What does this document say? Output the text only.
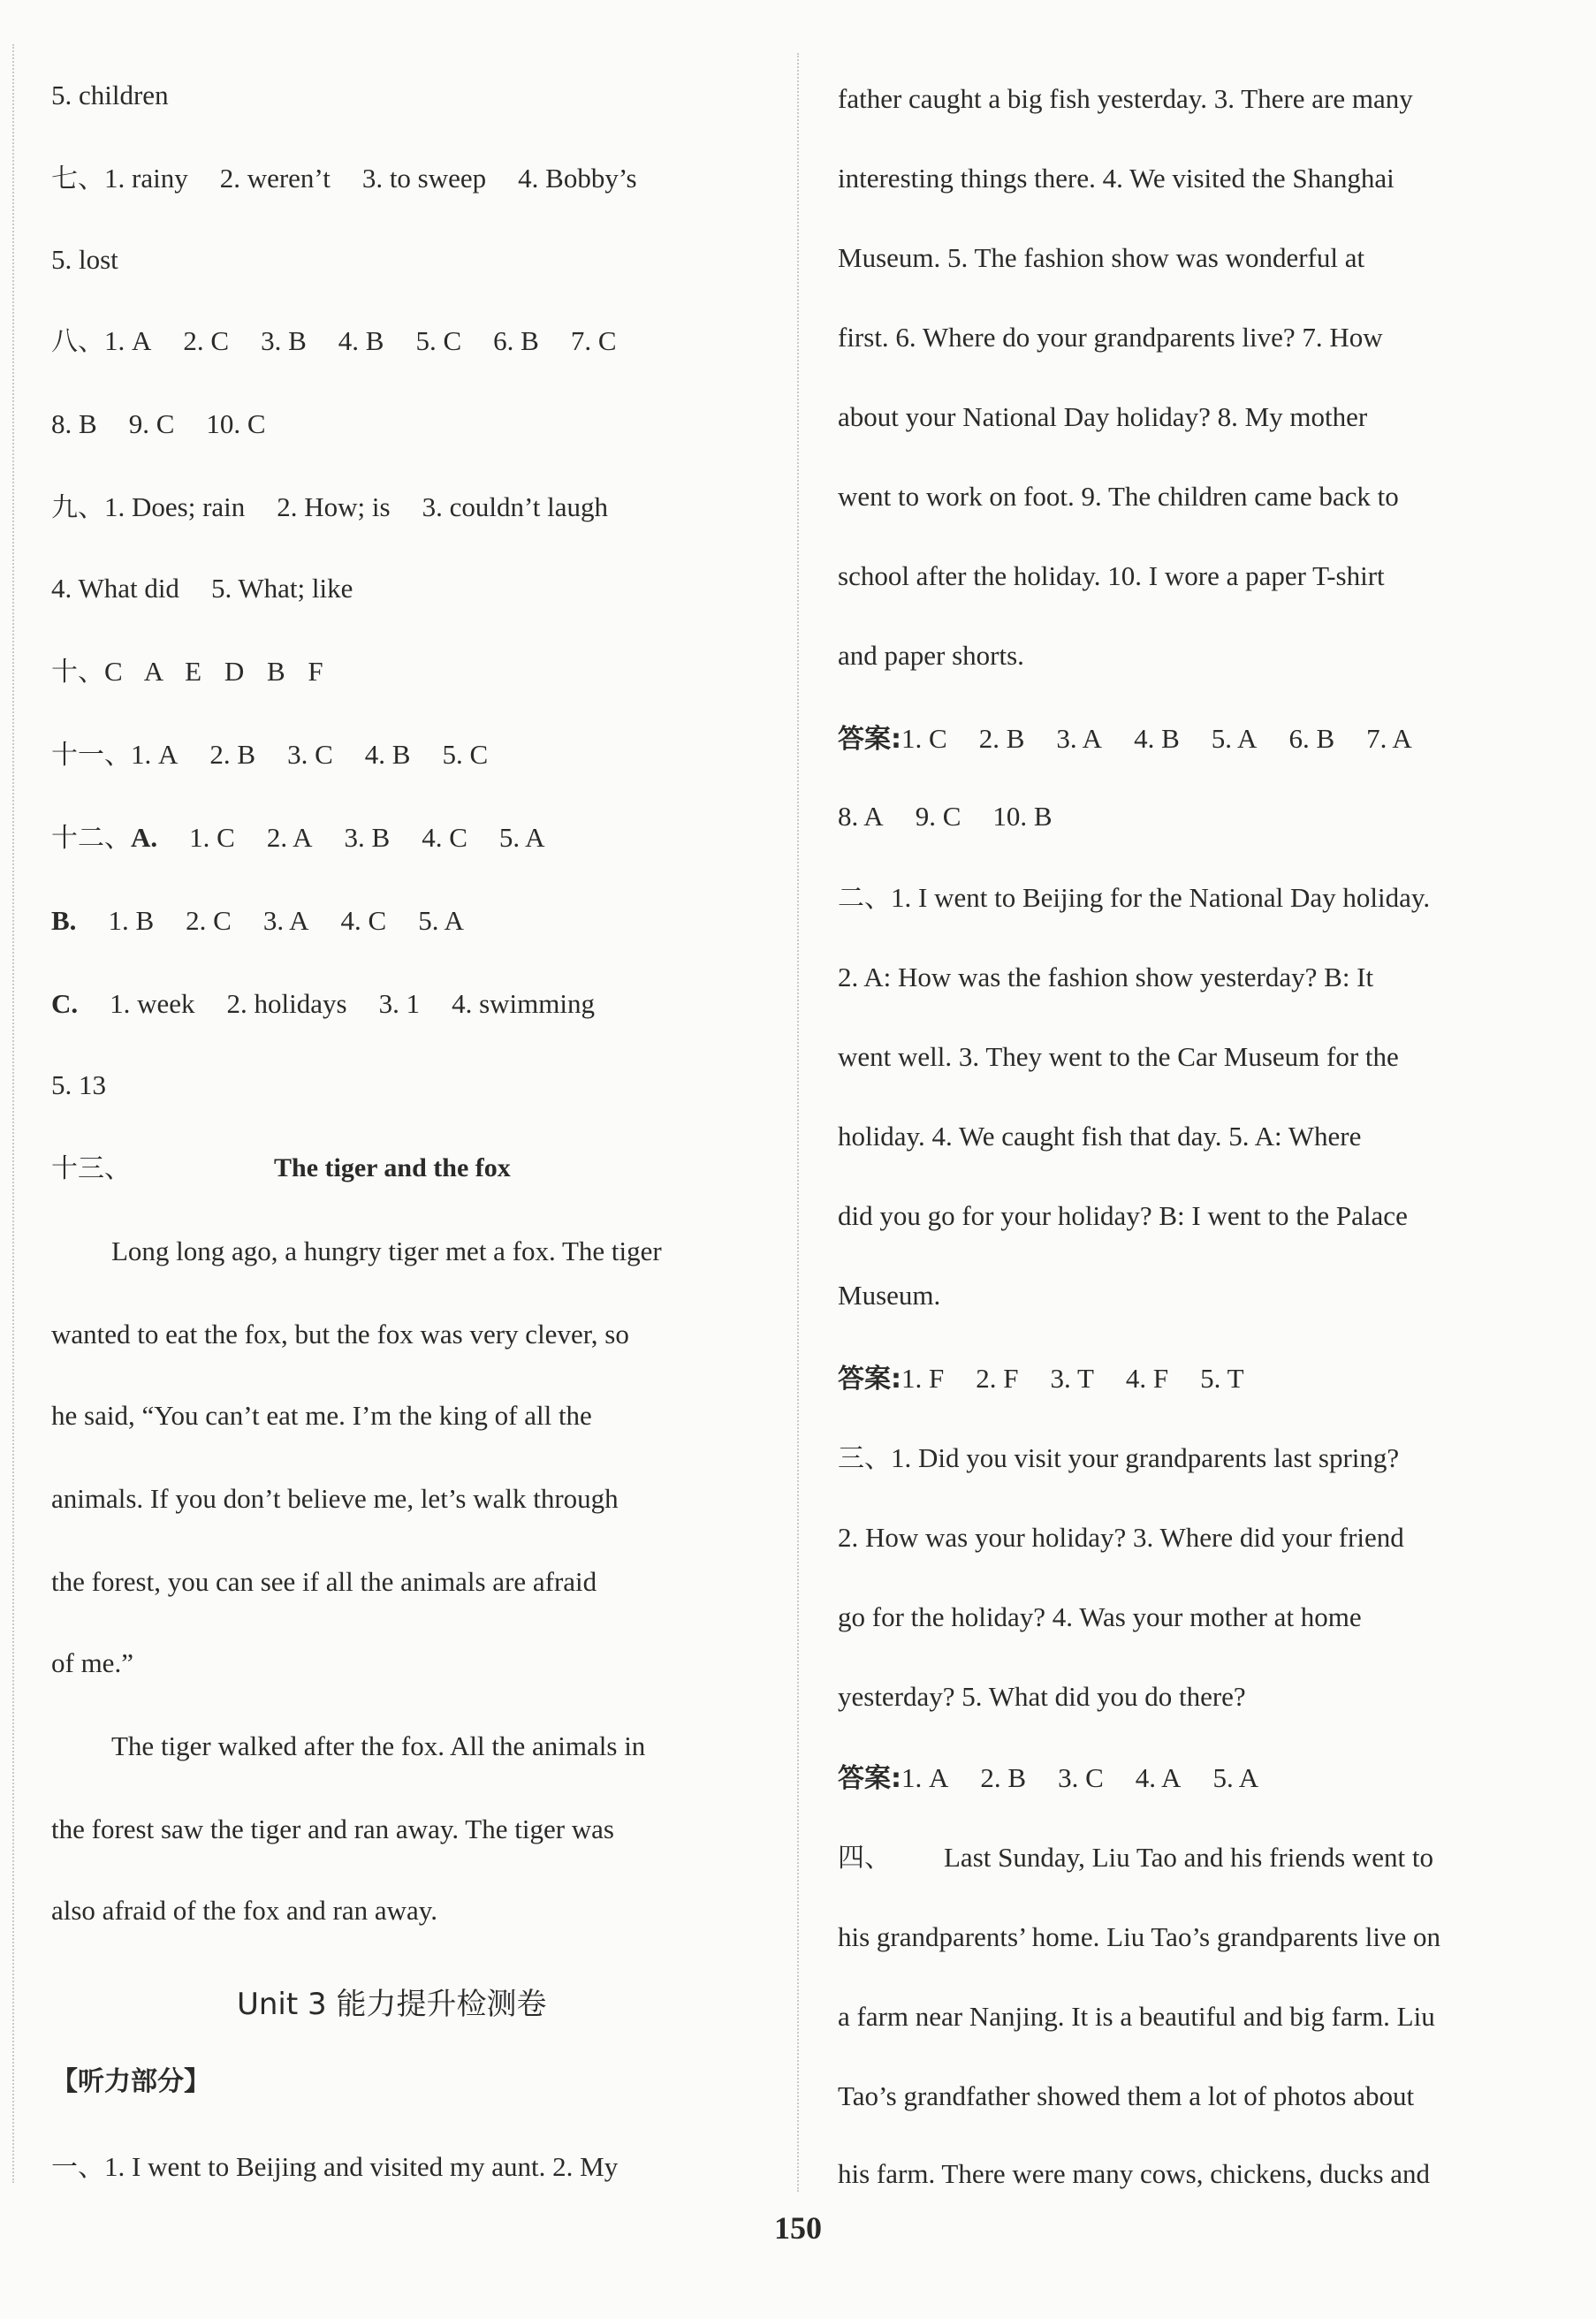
5. children
七、1. rainy 2. weren’t 3. to sweep 4. Bobby’s
5. lost
八、1. A 2. C 3. B 4. B 5. C 6. B 7. C
8. B 9. C 10. C
九、1. Does; rain 2. How; is 3. couldn’t laugh
4. What did 5. What; like
十、C A E D B F
十一、1. A 2. B 3. C 4. B 5. C
十二、A. 1. C 2. A 3. B 4. C 5. A
B. 1. B 2. C 3. A 4. C 5. A
C. 1. week 2. holidays 3. 1 4. swimming
5. 13
十三、	The tiger and the fox
Long long ago, a hungry tiger met a fox. The tiger
wanted to eat the fox, but the fox was very clever, so
he said, “You can’t eat me. I’m the king of all the
animals. If you don’t believe me, let’s walk through
the forest, you can see if all the animals are afraid
of me.”
The tiger walked after the fox. All the animals in
the forest saw the tiger and ran away. The tiger was
also afraid of the fox and ran away.
Unit 3 能力提升检测卷
【听力部分】
一、1. I went to Beijing and visited my aunt. 2. My
father caught a big fish yesterday. 3. There are many
interesting things there. 4. We visited the Shanghai
Museum. 5. The fashion show was wonderful at
first. 6. Where do your grandparents live? 7. How
about your National Day holiday? 8. My mother
went to work on foot. 9. The children came back to
school after the holiday. 10. I wore a paper T-shirt
and paper shorts.
答案:1. C 2. B 3. A 4. B 5. A 6. B 7. A
8. A 9. C 10. B
二、1. I went to Beijing for the National Day holiday.
2. A: How was the fashion show yesterday? B: It
went well. 3. They went to the Car Museum for the
holiday. 4. We caught fish that day. 5. A: Where
did you go for your holiday? B: I went to the Palace
Museum.
答案:1. F 2. F 3. T 4. F 5. T
三、1. Did you visit your grandparents last spring?
2. How was your holiday? 3. Where did your friend
go for the holiday? 4. Was your mother at home
yesterday? 5. What did you do there?
答案:1. A 2. B 3. C 4. A 5. A
四、 Last Sunday, Liu Tao and his friends went to
his grandparents’ home. Liu Tao’s grandparents live on
a farm near Nanjing. It is a beautiful and big farm. Liu
Tao’s grandfather showed them a lot of photos about
his farm. There were many cows, chickens, ducks and
150
